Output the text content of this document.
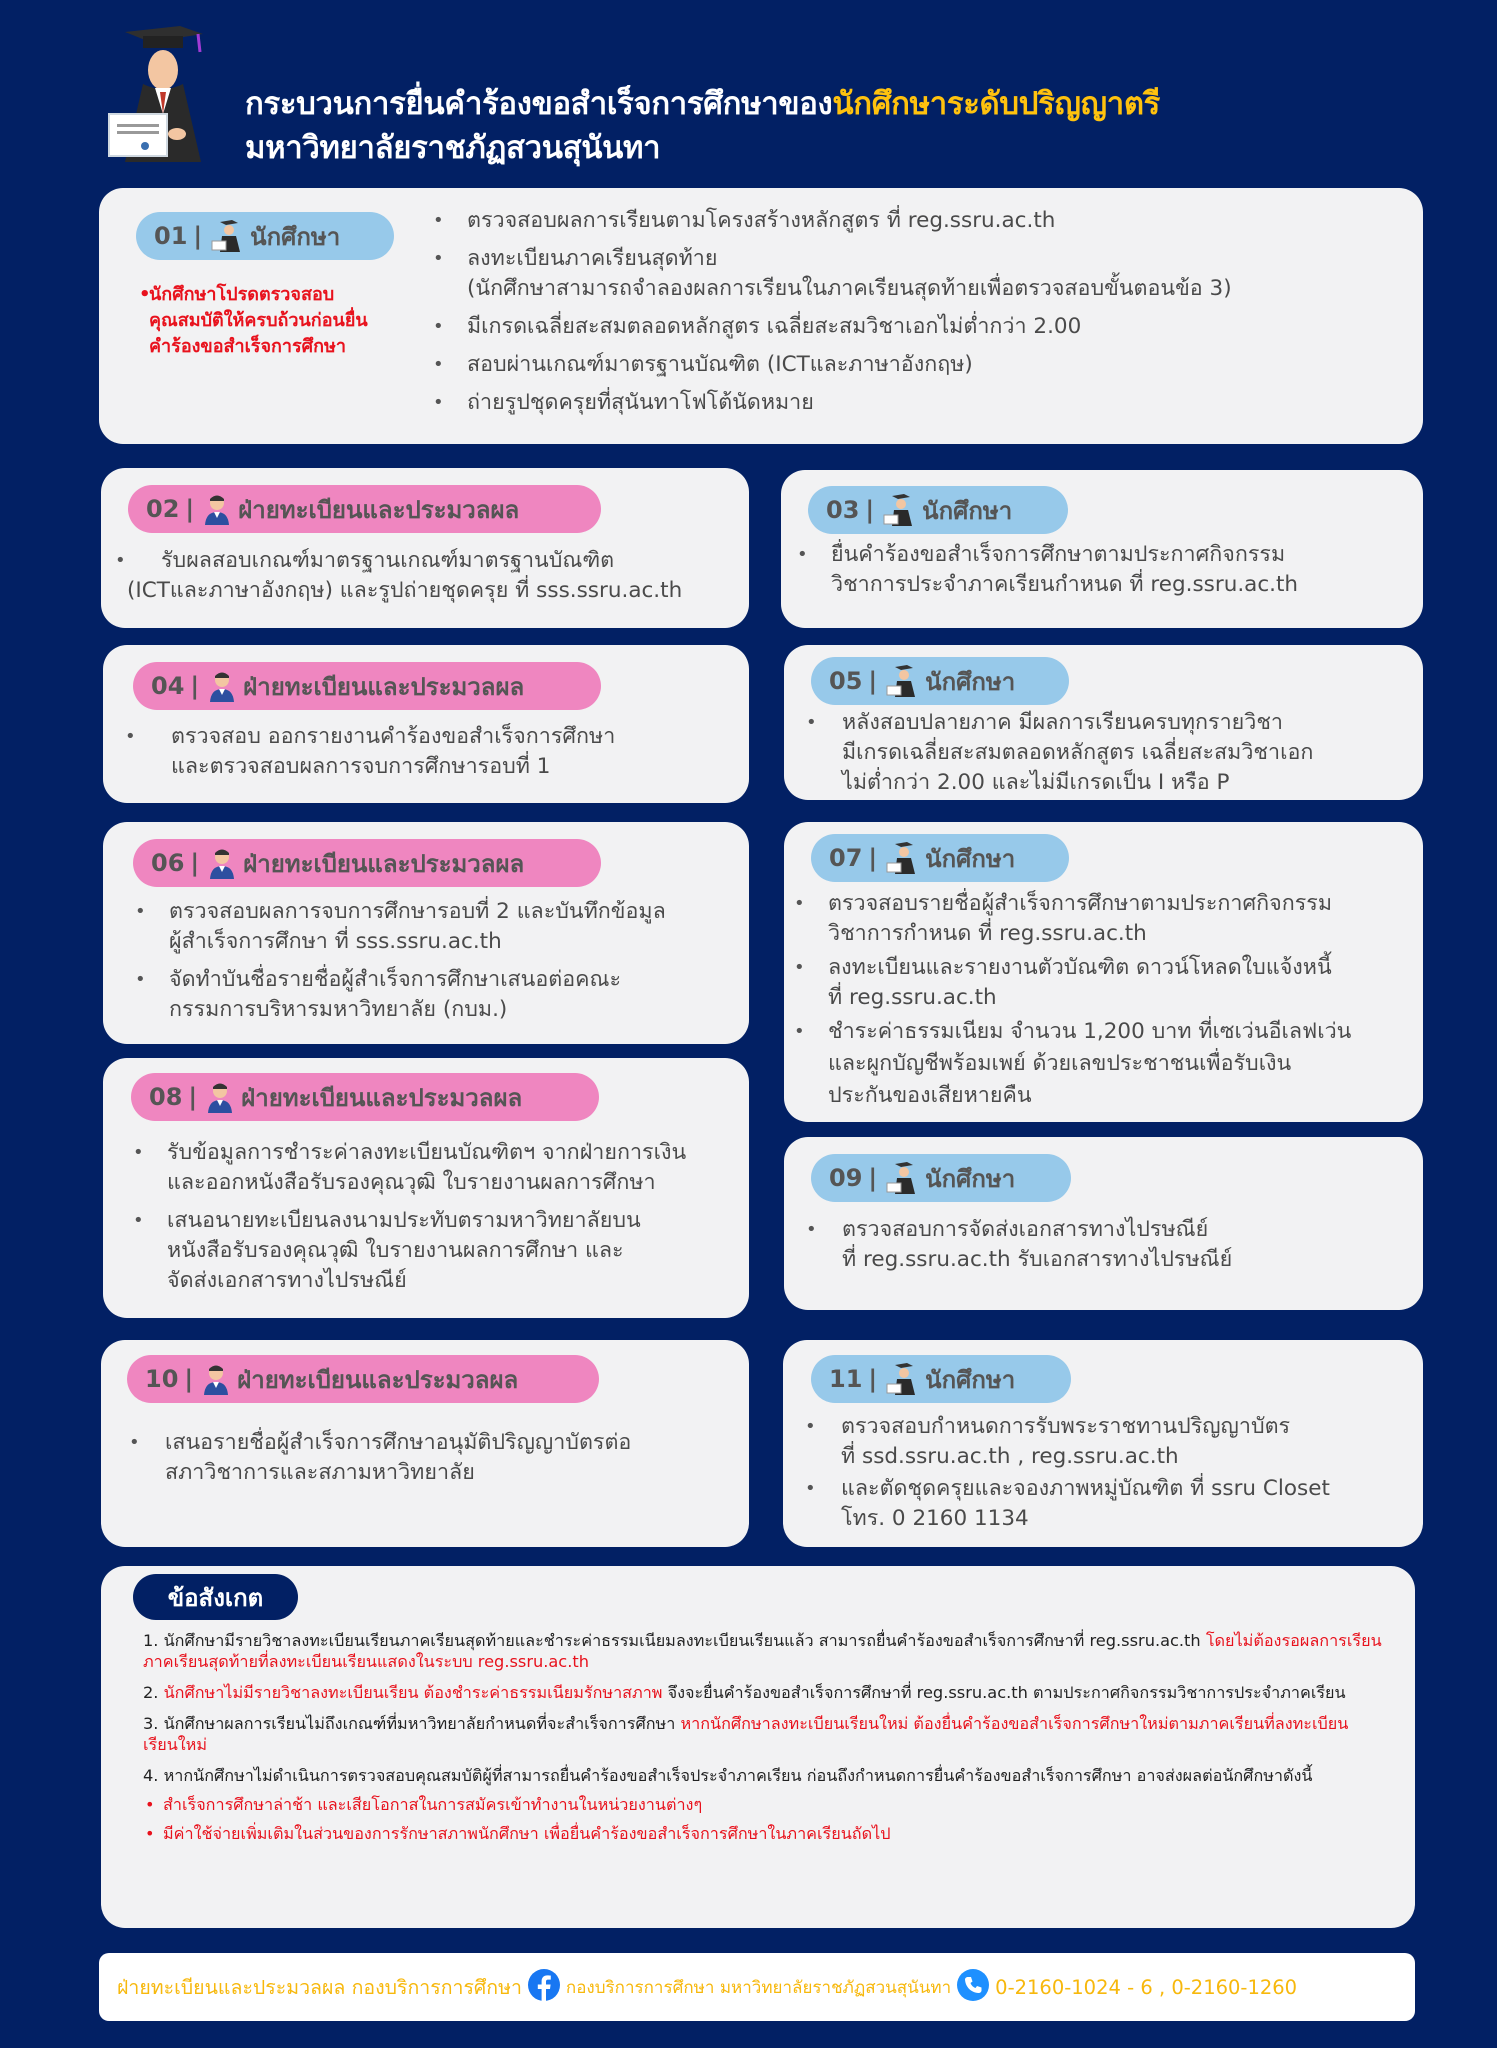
กระบวนการยื่นคำร้องขอสำเร็จการศึกษาของนักศึกษาระดับปริญญาตรี
มหาวิทยาลัยราชภัฏสวนสุนันทา
01 | นักศึกษา
• นักศึกษาโปรดตรวจสอบคุณสมบัติให้ครบถ้วนก่อนยื่นคำร้องขอสำเร็จการศึกษา
• ตรวจสอบผลการเรียนตามโครงสร้างหลักสูตร ที่ reg.ssru.ac.th
• ลงทะเบียนภาคเรียนสุดท้าย
(นักศึกษาสามารถจำลองผลการเรียนในภาคเรียนสุดท้ายเพื่อตรวจสอบขั้นตอนข้อ 3)
• มีเกรดเฉลี่ยสะสมตลอดหลักสูตร เฉลี่ยสะสมวิชาเอกไม่ต่ำกว่า 2.00
• สอบผ่านเกณฑ์มาตรฐานบัณฑิต (ICTและภาษาอังกฤษ)
• ถ่ายรูปชุดครุยที่สุนันทาโฟโต้นัดหมาย
02 | ฝ่ายทะเบียนและประมวลผล
• รับผลสอบเกณฑ์มาตรฐานเกณฑ์มาตรฐานบัณฑิต
(ICTและภาษาอังกฤษ) และรูปถ่ายชุดครุย ที่ sss.ssru.ac.th
03 | นักศึกษา
• ยื่นคำร้องขอสำเร็จการศึกษาตามประกาศกิจกรรม
วิชาการประจำภาคเรียนกำหนด ที่ reg.ssru.ac.th
04 | ฝ่ายทะเบียนและประมวลผล
• ตรวจสอบ ออกรายงานคำร้องขอสำเร็จการศึกษา
และตรวจสอบผลการจบการศึกษารอบที่ 1
05 | นักศึกษา
• หลังสอบปลายภาค มีผลการเรียนครบทุกรายวิชา
มีเกรดเฉลี่ยสะสมตลอดหลักสูตร เฉลี่ยสะสมวิชาเอก
ไม่ต่ำกว่า 2.00 และไม่มีเกรดเป็น I หรือ P
06 | ฝ่ายทะเบียนและประมวลผล
• ตรวจสอบผลการจบการศึกษารอบที่ 2 และบันทึกข้อมูล
ผู้สำเร็จการศึกษา ที่ sss.ssru.ac.th
• จัดทำบันชื่อรายชื่อผู้สำเร็จการศึกษาเสนอต่อคณะ
กรรมการบริหารมหาวิทยาลัย (กบม.)
07 | นักศึกษา
• ตรวจสอบรายชื่อผู้สำเร็จการศึกษาตามประกาศกิจกรรม
วิชาการกำหนด ที่ reg.ssru.ac.th
• ลงทะเบียนและรายงานตัวบัณฑิต ดาวน์โหลดใบแจ้งหนี้
ที่ reg.ssru.ac.th
• ชำระค่าธรรมเนียม จำนวน 1,200 บาท ที่เซเว่นอีเลฟเว่น
และผูกบัญชีพร้อมเพย์ ด้วยเลขประชาชนเพื่อรับเงิน
ประกันของเสียหายคืน
08 | ฝ่ายทะเบียนและประมวลผล
• รับข้อมูลการชำระค่าลงทะเบียนบัณฑิตฯ จากฝ่ายการเงิน
และออกหนังสือรับรองคุณวุฒิ ใบรายงานผลการศึกษา
• เสนอนายทะเบียนลงนามประทับตรามหาวิทยาลัยบน
หนังสือรับรองคุณวุฒิ ใบรายงานผลการศึกษา และ
จัดส่งเอกสารทางไปรษณีย์
09 | นักศึกษา
• ตรวจสอบการจัดส่งเอกสารทางไปรษณีย์
ที่ reg.ssru.ac.th รับเอกสารทางไปรษณีย์
10 | ฝ่ายทะเบียนและประมวลผล
• เสนอรายชื่อผู้สำเร็จการศึกษาอนุมัติปริญญาบัตรต่อ
สภาวิชาการและสภามหาวิทยาลัย
11 | นักศึกษา
• ตรวจสอบกำหนดการรับพระราชทานปริญญาบัตร
ที่ ssd.ssru.ac.th , reg.ssru.ac.th
• และตัดชุดครุยและจองภาพหมู่บัณฑิต ที่ ssru Closet
โทร. 0 2160 1134
ข้อสังเกต

1. นักศึกษามีรายวิชาลงทะเบียนเรียนภาคเรียนสุดท้ายและชำระค่าธรรมเนียมลงทะเบียนเรียนแล้ว สามารถยื่นคำร้องขอสำเร็จการศึกษาที่ reg.ssru.ac.th โดยไม่ต้องรอผลการเรียนภาคเรียนสุดท้ายที่ลงทะเบียนเรียนแสดงในระบบ reg.ssru.ac.th

2. นักศึกษาไม่มีรายวิชาลงทะเบียนเรียน ต้องชำระค่าธรรมเนียมรักษาสภาพ จึงจะยื่นคำร้องขอสำเร็จการศึกษาที่ reg.ssru.ac.th ตามประกาศกิจกรรมวิชาการประจำภาคเรียน

3. นักศึกษาผลการเรียนไม่ถึงเกณฑ์ที่มหาวิทยาลัยกำหนดที่จะสำเร็จการศึกษา หากนักศึกษาลงทะเบียนเรียนใหม่ ต้องยื่นคำร้องขอสำเร็จการศึกษาใหม่ตามภาคเรียนที่ลงทะเบียนเรียนใหม่

4. หากนักศึกษาไม่ดำเนินการตรวจสอบคุณสมบัติผู้ที่สามารถยื่นคำร้องขอสำเร็จประจำภาคเรียน ก่อนถึงกำหนดการยื่นคำร้องขอสำเร็จการศึกษา อาจส่งผลต่อนักศึกษาดังนี้

• สำเร็จการศึกษาล่าช้า และเสียโอกาสในการสมัครเข้าทำงานในหน่วยงานต่างๆ
• มีค่าใช้จ่ายเพิ่มเติมในส่วนของการรักษาสภาพนักศึกษา เพื่อยื่นคำร้องขอสำเร็จการศึกษาในภาคเรียนถัดไป
ฝ่ายทะเบียนและประมวลผล กองบริการการศึกษา	กองบริการการศึกษา มหาวิทยาลัยราชภัฏสวนสุนันทา 0-2160-1024 - 6 , 0-2160-1260
